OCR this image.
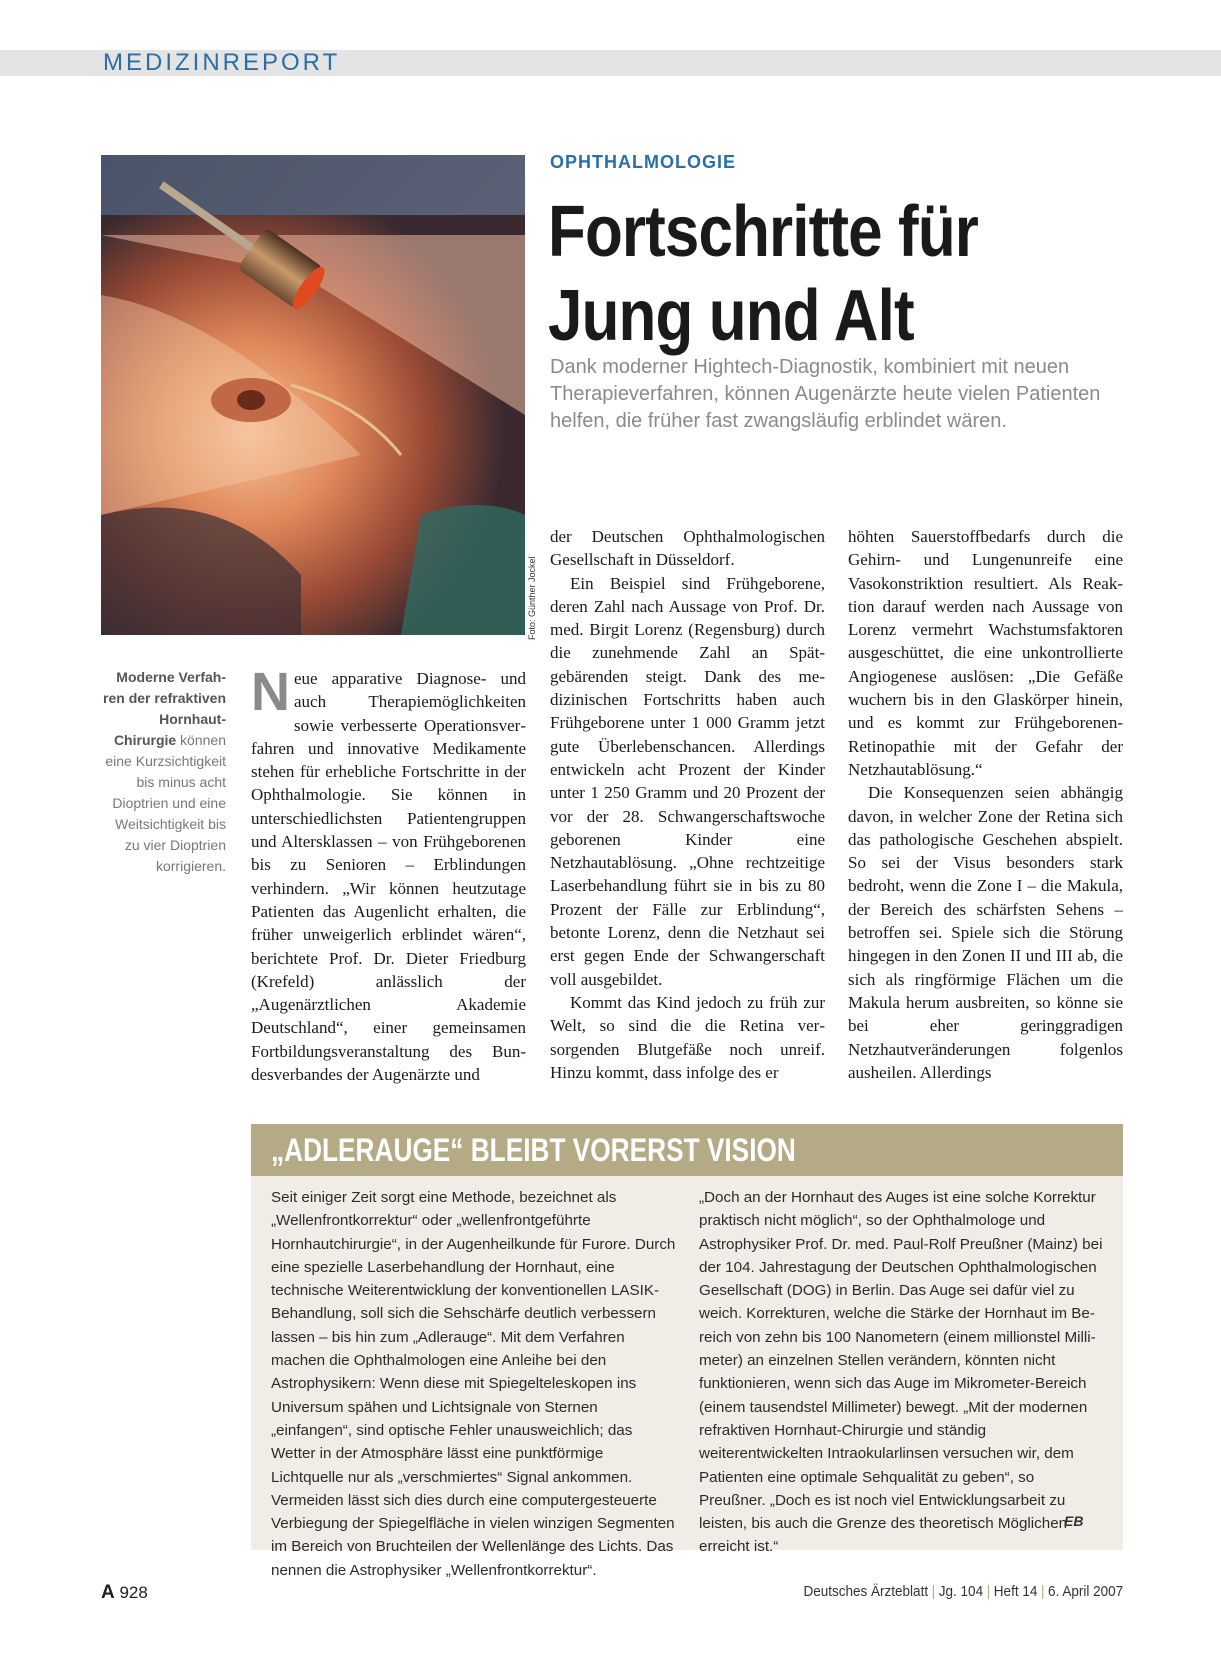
MEDIZINREPORT
Foto: Günther Jockel
OPHTHALMOLOGIE
Fortschritte für
Jung und Alt

Dank moderner Hightech-Diagnostik, kombiniert mit neuen Therapieverfahren, können Augenärzte heute vielen Patienten helfen, die früher fast zwangsläufig erblindet wären.

Moderne Verfahren der refraktiven Hornhaut-Chirurgie können eine Kurzsichtigkeit bis minus acht Dioptrien und eine Weitsichtigkeit bis zu vier Dioptrien korrigieren.

Neue apparative Diagnose- und auch Therapiemöglichkeiten sowie verbesserte Operationsverfahren und innovative Medikamente stehen für erhebliche Fortschritte in der Ophthalmologie. Sie können in unterschiedlichsten Patientengruppen und Altersklassen – von Frühgeborenen bis zu Senioren – Erblindungen verhindern. „Wir können heutzutage Patienten das Augenlicht erhalten, die früher unweigerlich erblindet wären“, berichtete Prof. Dr. Dieter Friedburg (Krefeld) anlässlich der „Augenärztlichen Akademie Deutschland“, einer gemeinsamen Fortbildungsveranstaltung des Bundesverbandes der Augenärzte und

der Deutschen Ophthalmologischen Gesellschaft in Düsseldorf.

Ein Beispiel sind Frühgeborene, deren Zahl nach Aussage von Prof. Dr. med. Birgit Lorenz (Regensburg) durch die zunehmende Zahl an Spätgebärenden steigt. Dank des medizinischen Fortschritts haben auch Frühgeborene unter 1 000 Gramm jetzt gute Überlebenschancen. Allerdings entwickeln acht Prozent der Kinder unter 1 250 Gramm und 20 Prozent der vor der 28. Schwangerschaftswoche geborenen Kinder eine Netzhautablösung. „Ohne rechtzeitige Laserbehandlung führt sie in bis zu 80 Prozent der Fälle zur Erblindung“, betonte Lorenz, denn die Netzhaut sei erst gegen Ende der Schwangerschaft voll ausgebildet.

Kommt das Kind jedoch zu früh zur Welt, so sind die die Retina versorgenden Blutgefäße noch unreif. Hinzu kommt, dass infolge des er

höhten Sauerstoffbedarfs durch die Gehirn- und Lungenunreife eine Vasokonstriktion resultiert. Als Reaktion darauf werden nach Aussage von Lorenz vermehrt Wachstumsfaktoren ausgeschüttet, die eine unkontrollierte Angiogenese auslösen: „Die Gefäße wuchern bis in den Glaskörper hinein, und es kommt zur Frühgeborenen-Retinopathie mit der Gefahr der Netzhautablösung.“

Die Konsequenzen seien abhängig davon, in welcher Zone der Retina sich das pathologische Geschehen abspielt. So sei der Visus besonders stark bedroht, wenn die Zone I – die Makula, der Bereich des schärfsten Sehens – betroffen sei. Spiele sich die Störung hingegen in den Zonen II und III ab, die sich als ringförmige Flächen um die Makula herum ausbreiten, so könne sie bei eher geringgradigen Netzhautveränderungen folgenlos ausheilen. Allerdings

„ADLERAUGE“ BLEIBT VORERST VISION

Seit einiger Zeit sorgt eine Methode, bezeichnet als „Wellenfrontkorrektur“ oder „wellenfrontgeführte Hornhautchirurgie“, in der Augenheilkunde für Furore. Durch eine spezielle Laserbehandlung der Hornhaut, eine technische Weiterentwicklung der konventionellen LASIK-Behandlung, soll sich die Sehschärfe deutlich verbessern lassen – bis hin zum „Adlerauge“. Mit dem Verfahren machen die Ophthalmologen eine Anleihe bei den Astrophysikern: Wenn diese mit Spiegelteleskopen ins Universum spähen und Lichtsignale von Sternen „einfangen“, sind optische Fehler unausweichlich; das Wetter in der Atmosphäre lässt eine punktförmige Lichtquelle nur als „verschmiertes“ Signal ankommen. Vermeiden lässt sich dies durch eine computergesteuerte Verbiegung der Spiegelfläche in vielen winzigen Segmenten im Bereich von Bruchteilen der Wellenlänge des Lichts. Das nennen die Astrophysiker „Wellenfrontkorrektur“.

„Doch an der Hornhaut des Auges ist eine solche Korrektur praktisch nicht möglich“, so der Ophthalmologe und Astrophysiker Prof. Dr. med. Paul-Rolf Preußner (Mainz) bei der 104. Jahrestagung der Deutschen Ophthalmologischen Gesellschaft (DOG) in Berlin. Das Auge sei dafür viel zu weich. Korrekturen, welche die Stärke der Hornhaut im Bereich von zehn bis 100 Nanometern (einem millionstel Millimeter) an einzelnen Stellen verändern, könnten nicht funktionieren, wenn sich das Auge im Mikrometer-Bereich (einem tausendstel Millimeter) bewegt. „Mit der modernen refraktiven Hornhaut-Chirurgie und ständig weiterentwickelten Intraokularlinsen versuchen wir, dem Patienten eine optimale Sehqualität zu geben“, so Preußner. „Doch es ist noch viel Entwicklungsarbeit zu leisten, bis auch die Grenze des theoretisch Möglichen erreicht ist.“

EB
A 928	Deutsches Ärzteblatt | Jg. 104 | Heft 14 | 6. April 2007
